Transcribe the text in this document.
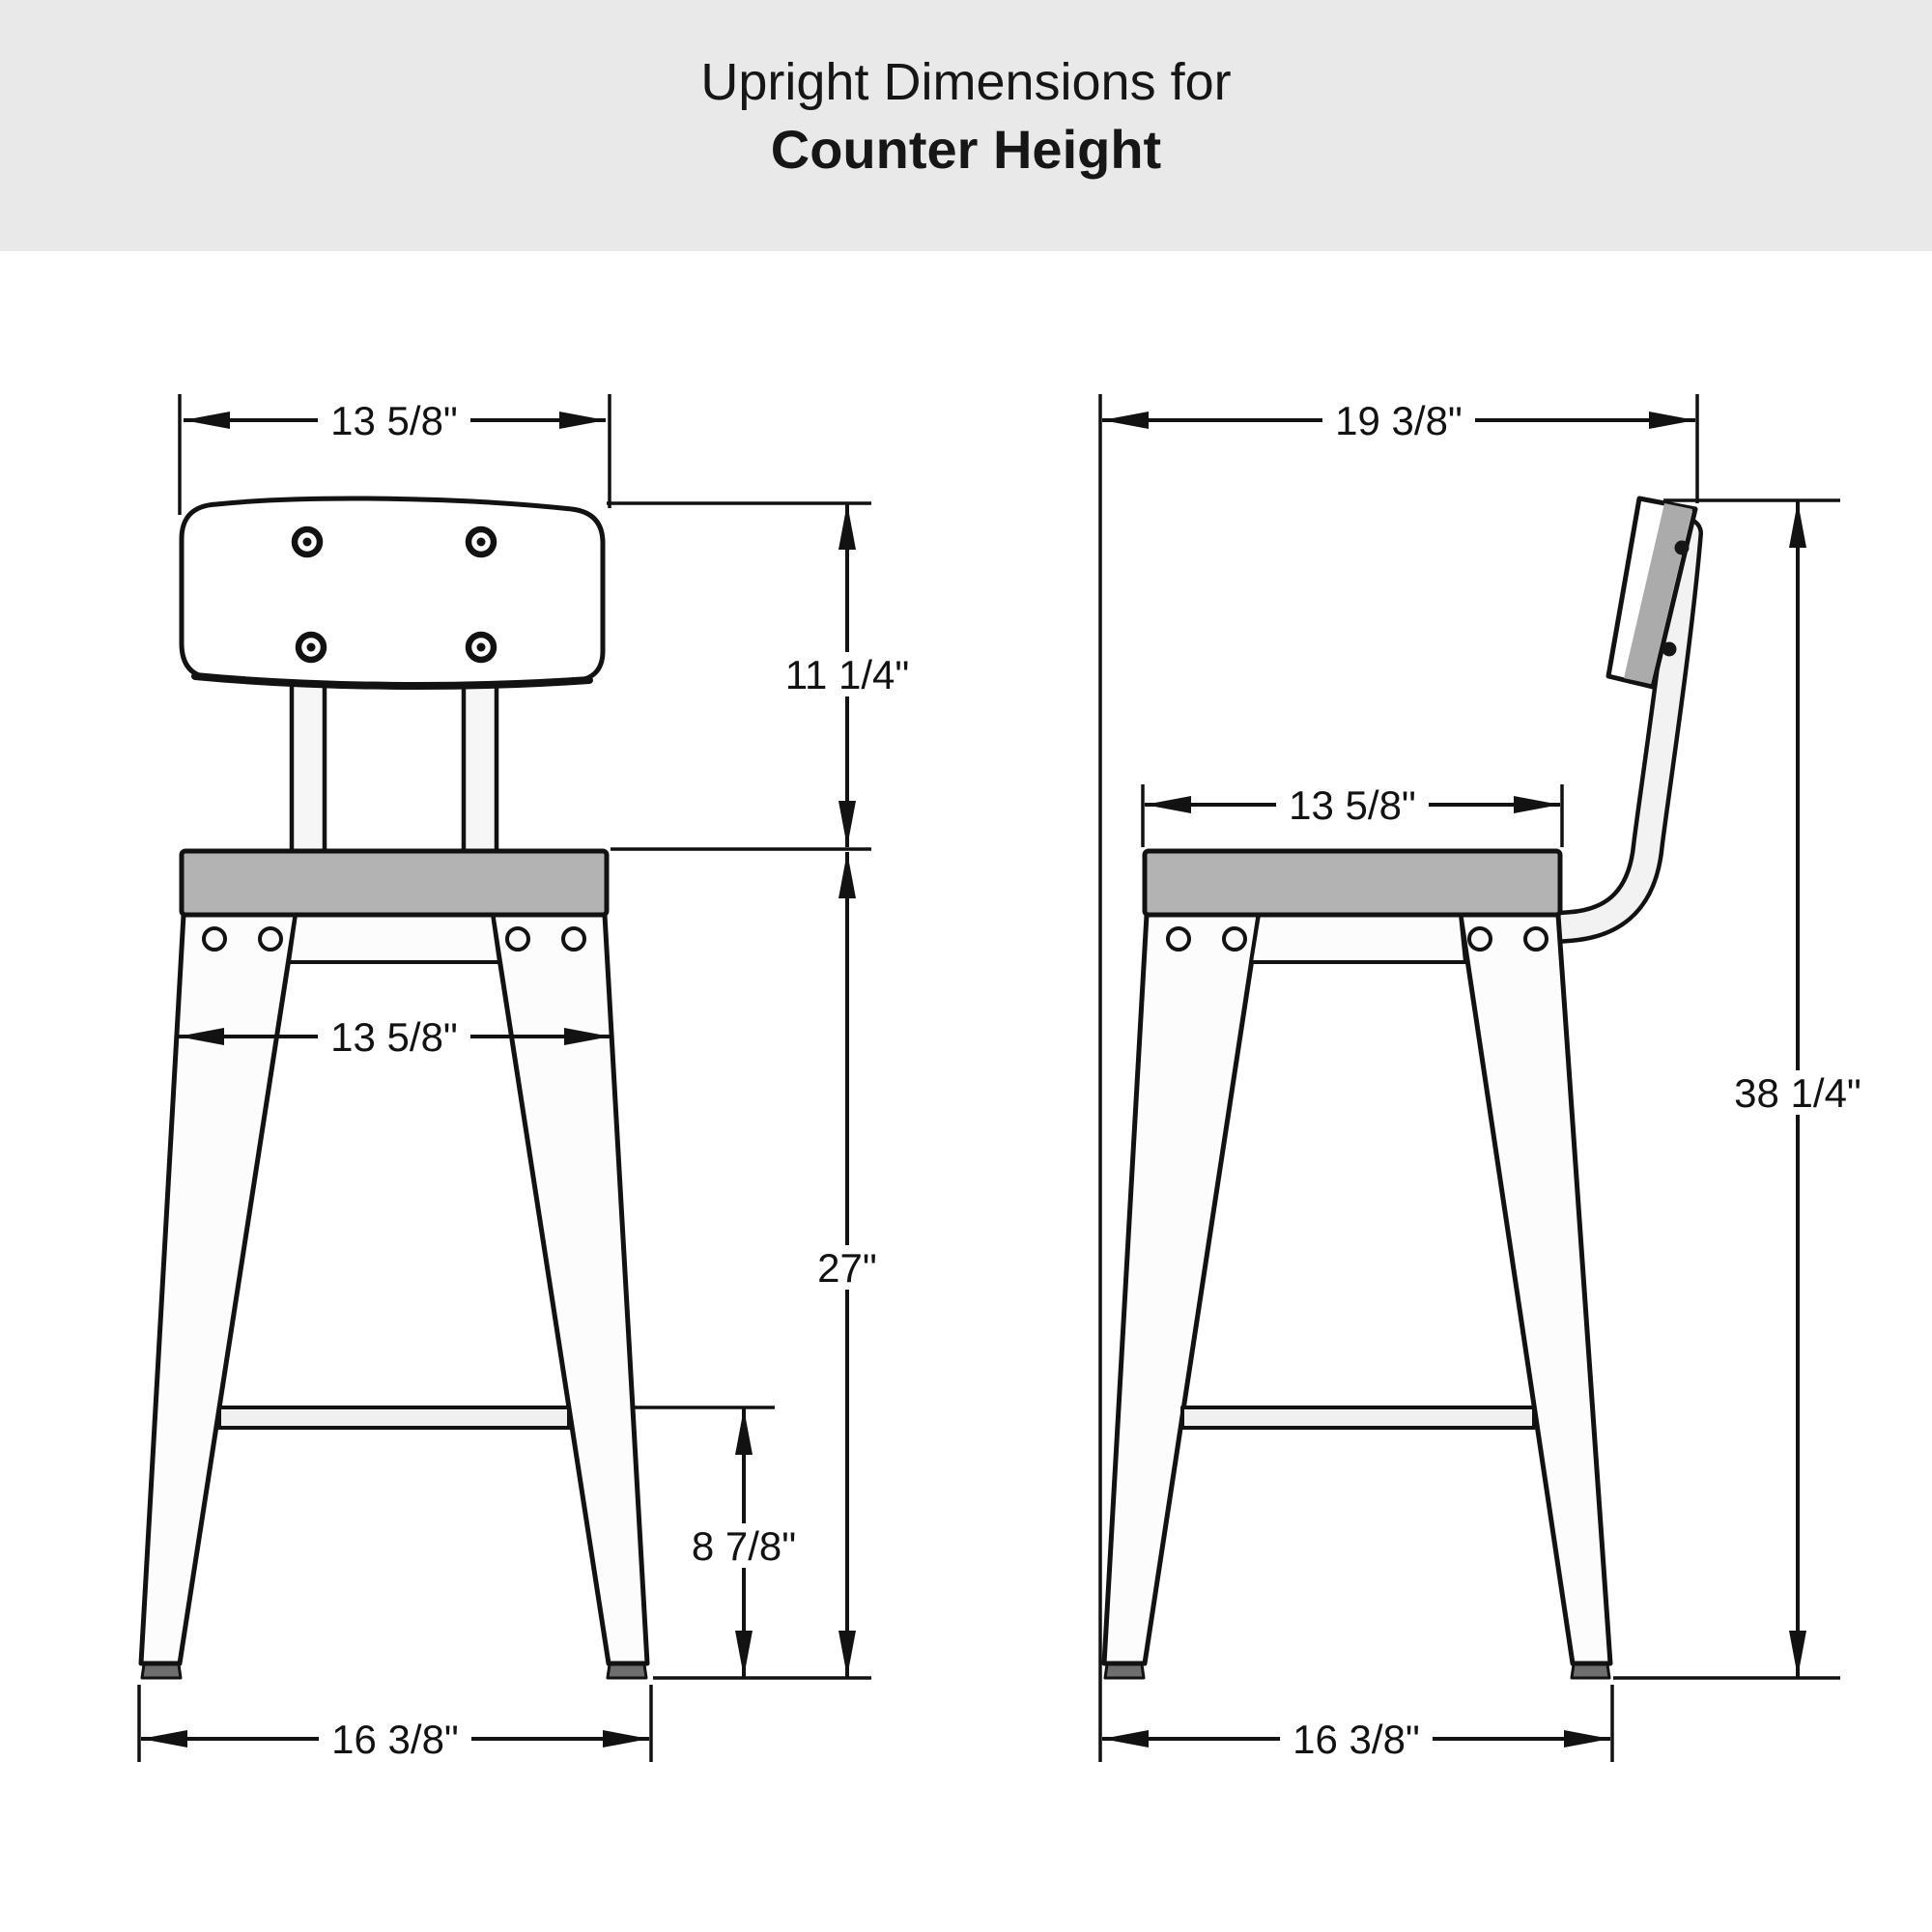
Upright Dimensions for
Counter Height
13 5/8"
11 1/4"
13 5/8"
27"
8 7/8"
16 3/8"
19 3/8"
13 5/8"
38 1/4"
16 3/8"
